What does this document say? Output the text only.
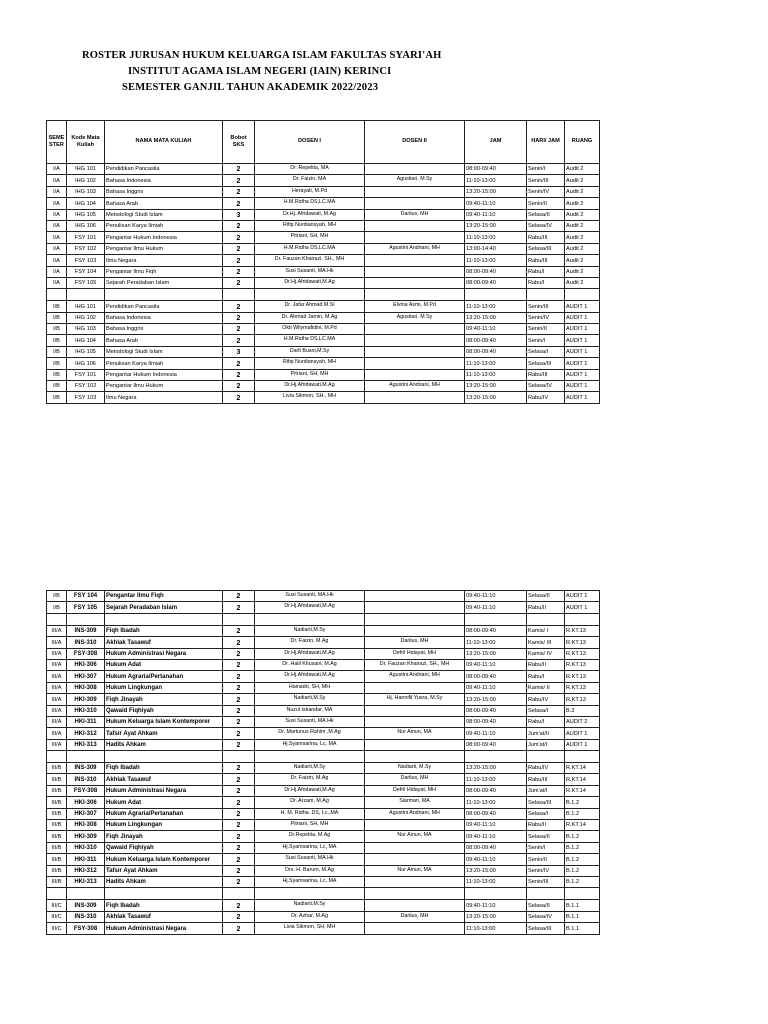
ROSTER JURUSAN HUKUM KELUARGA ISLAM FAKULTAS SYARI'AH
INSTITUT AGAMA ISLAM NEGERI (IAIN) KERINCI
SEMESTER GANJIL TAHUN AKADEMIK 2022/2023
SEME STER	Kode Mata Kuliah	NAMA MATA KULIAH	Bobot SKS	DOSEN I	DOSEN II	JAM	HARI/ JAM	RUANG
I/A	IHG 101	Pendidikan Pancasila	2	Dr. Repelita, MA		08:00-09:40	Senin/I	Audit 2
I/A	IHG 102	Bahasa Indonesia	2	Dr. Faizin, MA	Agustiari, M.Sy	11:10-13:00	Senin/III	Audit 2
I/A	IHG 103	Bahasa Inggris	2	Herayati, M.Pd		13:20-15:00	Senin/IV	Audit 2
I/A	IHG 104	Bahasa Arab	2	H.M.Ridha DS,LC.MA		09:40-11:10	Senin/II	Audit 2
I/A	IHG 105	Metodologi Studi Islam	3	Dr.Hj. Afridawati, M.Ag	Darlius, MH	09:40-11:10	Selasa/II	Audit 2
I/A	IHG 106	Penulisan Karya Ilmiah	2	Rifqi Nurdiansyah, MH		13:20-15:00	Selasa/IV	Audit 2
I/A	FSY 101	Pengantar Hukum Indonesia	2	Pitriani, SH, MH		11:10-13:00	Rabu/III	Audit 2
I/A	FSY 102	Pengantar Ilmu Hukum	2	H.M.Ridha DS,LC.MA	Agustini Andriani, MH	13:00-14:40	Selasa/III	Audit 2
I/A	FSY 103	Ilmu Negara	2	Dr. Fauzan Khairazi, SH., MH		11:10-13:00	Rabu/III	Audit 2
I/A	FSY 104	Pengantar Ilmu Fiqh	2	Susi Susanti, MA.Hk		08:00-09:40	Rabu/I	Audit 2
I/A	FSY 105	Sejarah Peradaban Islam	2	Dr.Hj.Afridawati,M.Ag		08:00-09:40	Rabu/I	Audit 2

I/B	IHG 101	Pendidikan Pancasila	2	Dr. Jafar Ahmad M.Si	Elvina Asmi, M.Pd	11:10-13:00	Senin/III	AUDIT 1
I/B	IHG 102	Bahasa Indonesia	2	Dr. Ahmad Jamin, M.Ag	Agustiari, M.Sy	13:20-15:00	Senin/IV	AUDIT 1
I/B	IHG 103	Bahasa Inggris	2	Okti Wilymafidini, M.Pd		09:40-11:10	Senin/II	AUDIT 1
I/B	IHG 104	Bahasa Arab	2	H.M.Ridha DS,LC.MA		08:00-09:40	Senin/I	AUDIT 1
I/B	IHG 105	Metodologi Studi Islam	3	Darti Busni,M.Sy		08:00-09:40	Selasa/I	AUDIT 1
I/B	IHG 106	Penulisan Karya Ilmiah	2	Rifqi Nurdiansyah, MH		11:10-13:00	Selasa/III	AUDIT 1
I/B	FSY 101	Pengantar Hukum Indonesia	2	Pitriani, SH, MH		11:10-13:00	Rabu/III	AUDIT 1
I/B	FSY 102	Pengantar Ilmu Hukum	2	Dr.Hj.Afridawati,M.Ag	Agustini Andriani, MH	13:20-15:00	Selasa/IV	AUDIT 1
I/B	FSY 103	Ilmu Negara	2	Livia Sikmon, SH., MH		13:20-15:00	Rabu/IV	AUDIT 1
I/B	FSY 104	Pengantar Ilmu Fiqh	2	Susi Susanti, MA.Hk		09:40-11:10	Selasa/II	AUDIT 1
I/B	FSY 105	Sejarah Peradaban Islam	2	Dr.Hj.Afridawati,M.Ag		09:40-11:10	Rabu/II	AUDIT 1

III/A	INS-309	Fiqh Ibadah	2	Nadiarti,M.Sy		08:00-09:40	Kamis/ I	R.KT.13
III/A	INS-310	Akhlak Tasawuf	2	Dr. Faizin, M.Ag	Darlius, MH	11:10-13:00	Kamis/ III	R.KT.13
III/A	FSY-308	Hukum Administrasi Negara	2	Dr.Hj.Afridawati,M.Ag	Defril Hidayat, MH	13:20-15:00	Kamis/ IV	R.KT.13
III/A	HKI-306	Hukum Adat	2	Dr. Halil Khusairi, M.Ag	Dr. Fauzan Khairazi, SH., MH	09:40-11:10	Rabu/II	R.KT.13
III/A	HKI-307	Hukum Agraria/Pertanahan	2	Dr.Hj.Afridawati,M.Ag	Agustini Andriani, MH	08:00-09:40	Rabu/I	R.KT.13
III/A	HKI-308	Hukum Lingkungan	2	Hainadri, SH, MH		09:40-11:10	Kamis/ II	R.KT.13
III/A	HKI-309	Fiqh Jinayah	2	Nadiarti,M.Sy	Hj. Hannifil Yusra, M.Sy	13:20-15:00	Rabu/IV	R.KT.13
III/A	HKI-310	Qawaid Fiqhiyah	2	Nuzul Iskandar, MA		08:00-09:40	Selasa/I	B.3
III/A	HKI-311	Hukum Keluarga Islam Kontemporer	2	Susi Susanti, MA.Hk		08:00-09:40	Rabu/I	AUDIT 2
III/A	HKI-312	Tafsir Ayat Ahkam	2	Dr. Martunus Rahim ,M.Ag	Nur Ainun, MA	09:40-11:10	Jum'at/II	AUDIT 1
III/A	HKI-313	Hadits Ahkam	2	Hj.Syamsarina, Lc, MA		08:00-09:40	Jum'at/I	AUDIT 1

III/B	INS-309	Fiqh Ibadah	2	Nadiarti,M.Sy	Nadiarti, M.Sy	13:20-15:00	Rabu/IV	R.KT.14
III/B	INS-310	Akhlak Tasawuf	2	Dr. Faizin, M.Ag	Darlius, MH	11:10-13:00	Rabu/III	R.KT.14
III/B	FSY-308	Hukum Administrasi Negara	2	Dr.Hj.Afridawati,M.Ag	Defril Hidayat, MH	08:00-09:40	Jum'at/I	R.KT.14
III/B	HKI-306	Hukum Adat	2	Dr. Arzam, M.Ag	Siarman, MA	11:10-13:00	Selasa/III	B.1.2
III/B	HKI-307	Hukum Agraria/Pertanahan	2	H. M. Ridha. DS, Lc.,MA	Agustini Andriani, MH	08:00-09:40	Selasa/I	B.1.2
III/B	HKI-308	Hukum Lingkungan	2	Pitriani, SH, MH		09:40-11:10	Rabu/II	R.KT.14
III/B	HKI-309	Fiqh Jinayah	2	Dr.Repelita, M.Ag	Nur Ainun, MA	09:40-11:10	Selasa/II	B.1.2
III/B	HKI-310	Qawaid Fiqhiyah	2	Hj.Syamsarina, Lc, MA		08:00-09:40	Senin/I	B.1.2
III/B	HKI-311	Hukum Keluarga Islam Kontemporer	2	Susi Susanti, MA.Hk		09:40-11:10	Senin/II	B.1.2
III/B	HKI-312	Tafsir Ayat Ahkam	2	Drs. H. Barum, M.Ag	Nur Ainun, MA	13:20-15:00	Senin/IV	B.1.2
III/B	HKI-313	Hadits Ahkam	2	Hj.Syamsarina, Lc, MA		11:10-13:00	Senin/III	B.1.2

III/C	INS-309	Fiqh Ibadah	2	Nadiarti,M.Sy		09:40-11:10	Selasa/II	B.1.1
III/C	INS-310	Akhlak Tasawuf	2	Dr. Azhar, M.Ag	Darlius, MH	13:20-15:00	Selasa/IV	B.1.1
III/C	FSY-308	Hukum Administrasi Negara	2	Livia Sikmon, SH, MH		11:10-13:00	Selasa/III	B.1.1
